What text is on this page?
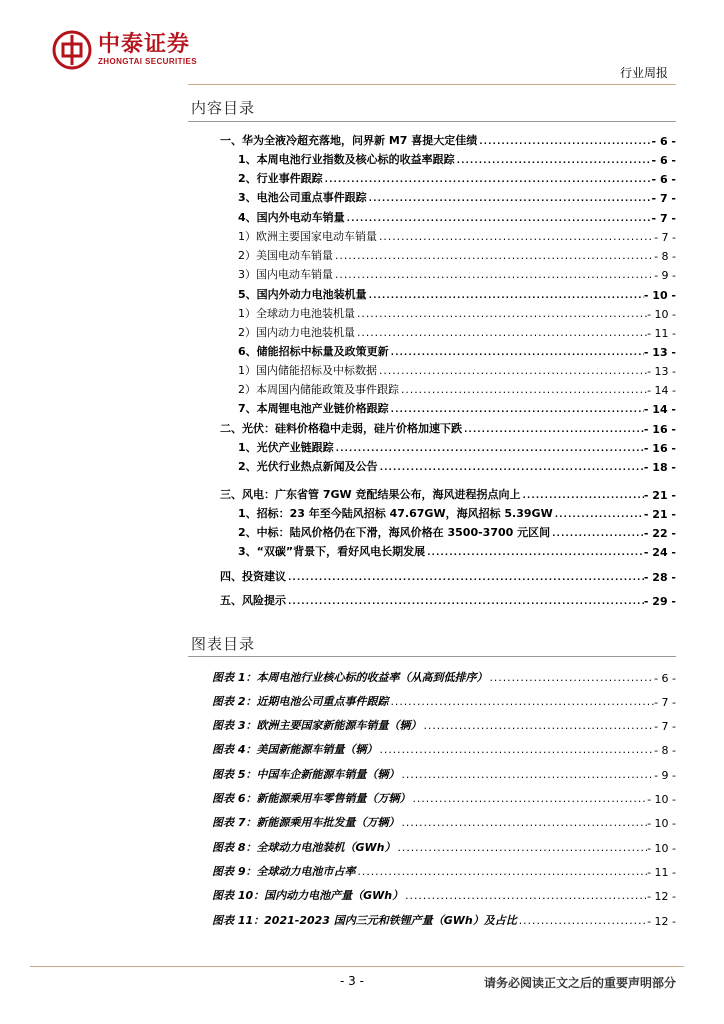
中泰证券
ZHONGTAI SECURITIES
行业周报
内容目录
一、华为全液冷超充落地，问界新 M7 喜提大定佳绩 .....	- 6 -
1、本周电池行业指数及核心标的收益率跟踪 .....	- 6 -
2、行业事件跟踪 .....	- 6 -
3、电池公司重点事件跟踪 .....	- 7 -
4、国内外电动车销量 .....	- 7 -
1）欧洲主要国家电动车销量 .....	- 7 -
2）美国电动车销量 .....	- 8 -
3）国内电动车销量 .....	- 9 -
5、国内外动力电池装机量 .....	- 10 -
1）全球动力电池装机量 .....	- 10 -
2）国内动力电池装机量 .....	- 11 -
6、储能招标中标量及政策更新 .....	- 13 -
1）国内储能招标及中标数据 .....	- 13 -
2）本周国内储能政策及事件跟踪 .....	- 14 -
7、本周锂电池产业链价格跟踪 .....	- 14 -
二、光伏：硅料价格稳中走弱，硅片价格加速下跌 .....	- 16 -
1、光伏产业链跟踪 .....	- 16 -
2、光伏行业热点新闻及公告 .....	- 18 -
三、风电：广东省管 7GW 竞配结果公布，海风进程拐点向上 .....	- 21 -
1、招标：23 年至今陆风招标 47.67GW，海风招标 5.39GW .....	- 21 -
2、中标：陆风价格仍在下滑，海风价格在 3500-3700 元区间 .....	- 22 -
3、“双碳”背景下，看好风电长期发展 .....	- 24 -
四、投资建议 .....	- 28 -
五、风险提示 .....	- 29 -
图表目录
图表 1：本周电池行业核心标的收益率（从高到低排序） .....	- 6 -
图表 2：近期电池公司重点事件跟踪 .....	- 7 -
图表 3：欧洲主要国家新能源车销量（辆） .....	- 7 -
图表 4：美国新能源车销量（辆） .....	- 8 -
图表 5：中国车企新能源车销量（辆） .....	- 9 -
图表 6：新能源乘用车零售销量（万辆） .....	- 10 -
图表 7：新能源乘用车批发量（万辆） .....	- 10 -
图表 8：全球动力电池装机（GWh） .....	- 10 -
图表 9：全球动力电池市占率 .....	- 11 -
图表 10：国内动力电池产量（GWh） .....	- 12 -
图表 11：2021-2023 国内三元和铁锂产量（GWh）及占比 .....	- 12 -
- 3 -	请务必阅读正文之后的重要声明部分
